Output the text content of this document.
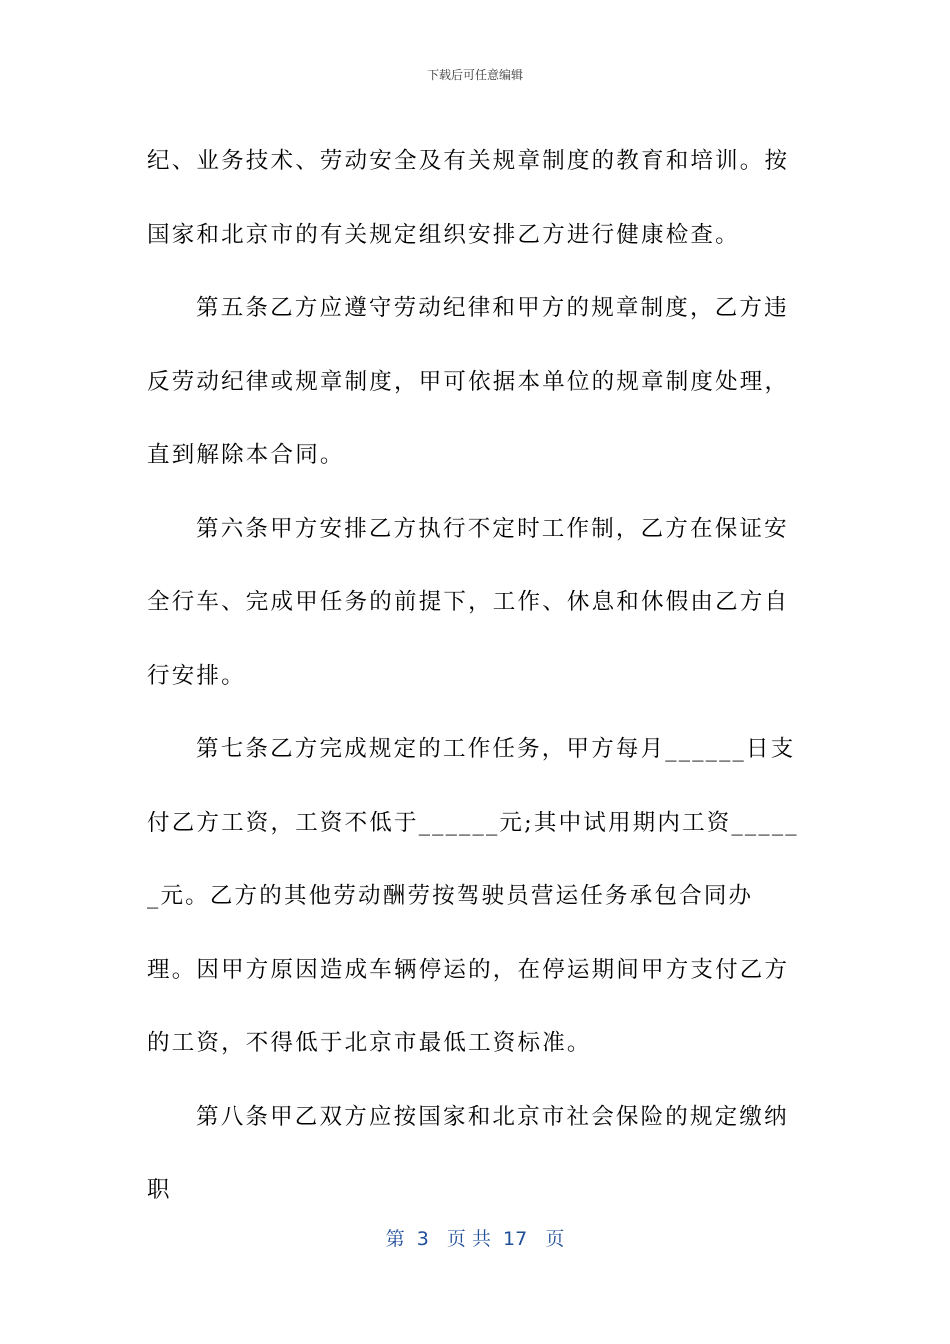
下载后可任意编辑

纪、业务技术、劳动安全及有关规章制度的教育和培训。按国家和北京市的有关规定组织安排乙方进行健康检查。

第五条乙方应遵守劳动纪律和甲方的规章制度，乙方违反劳动纪律或规章制度，甲可依据本单位的规章制度处理，直到解除本合同。

第六条甲方安排乙方执行不定时工作制，乙方在保证安全行车、完成甲任务的前提下，工作、休息和休假由乙方自行安排。

第七条乙方完成规定的工作任务，甲方每月______日支付乙方工资，工资不低于______元;其中试用期内工资______元。乙方的其他劳动酬劳按驾驶员营运任务承包合同办理。因甲方原因造成车辆停运的，在停运期间甲方支付乙方的工资，不得低于北京市最低工资标准。

第八条甲乙双方应按国家和北京市社会保险的规定缴纳职

第  3   页 共  17   页
